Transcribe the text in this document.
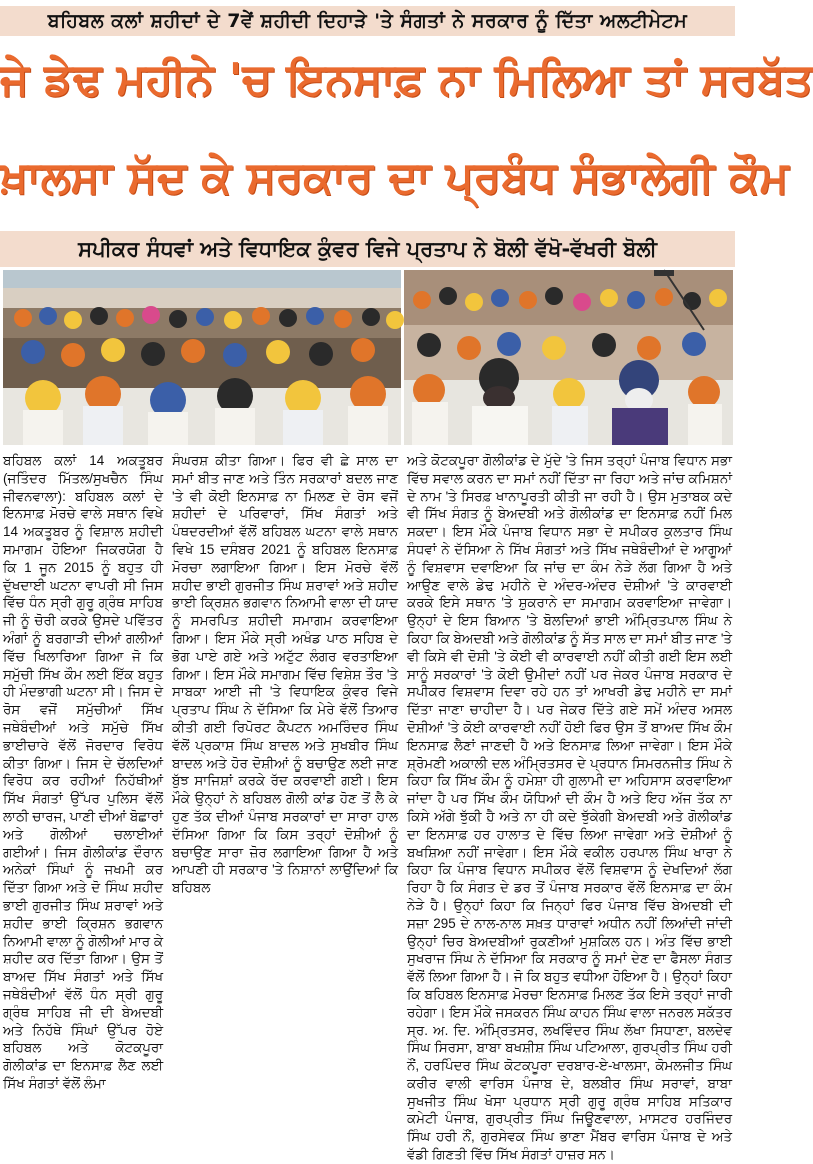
ਬਹਿਬਲ ਕਲਾਂ ਸ਼ਹੀਦਾਂ ਦੇ 7ਵੇਂ ਸ਼ਹੀਦੀ ਦਿਹਾੜੇ 'ਤੇ ਸੰਗਤਾਂ ਨੇ ਸਰਕਾਰ ਨੂੰ ਦਿੱਤਾ ਅਲਟੀਮੇਟਮ
ਜੇ ਡੇਢ ਮਹੀਨੇ 'ਚ ਇਨਸਾਫ਼ ਨਾ ਮਿਲਿਆ ਤਾਂ ਸਰਬੱਤ
ਖ਼ਾਲਸਾ ਸੱਦ ਕੇ ਸਰਕਾਰ ਦਾ ਪ੍ਰਬੰਧ ਸੰਭਾਲੇਗੀ ਕੌਮ
ਸਪੀਕਰ ਸੰਧਵਾਂ ਅਤੇ ਵਿਧਾਇਕ ਕੁੰਵਰ ਵਿਜੇ ਪ੍ਰਤਾਪ ਨੇ ਬੋਲੀ ਵੱਖੋ-ਵੱਖਰੀ ਬੋਲੀ

ਬਹਿਬਲ ਕਲਾਂ 14 ਅਕਤੂਬਰ (ਜਤਿੰਦਰ ਮਿੱਤਲ/ਸੁਖਚੈਨ ਸਿੰਘ ਜੀਵਨਵਾਲਾ): ਬਹਿਬਲ ਕਲਾਂ ਦੇ ਇਨਸਾਫ਼ ਮੋਰਚੇ ਵਾਲੇ ਸਥਾਨ ਵਿਖੇ 14 ਅਕਤੂਬਰ ਨੂੰ ਵਿਸ਼ਾਲ ਸ਼ਹੀਦੀ ਸਮਾਗਮ ਹੋਇਆ ਜਿਕਰਯੋਗ ਹੈ ਕਿ 1 ਜੂਨ 2015 ਨੂੰ ਬਹੁਤ ਹੀ ਦੁੱਖਦਾਈ ਘਟਨਾ ਵਾਪਰੀ ਸੀ ਜਿਸ ਵਿੱਚ ਧੰਨ ਸ੍ਰੀ ਗੁਰੂ ਗ੍ਰੰਥ ਸਾਹਿਬ ਜੀ ਨੂੰ ਚੋਰੀ ਕਰਕੇ ਉਸਦੇ ਪਵਿੱਤਰ ਅੰਗਾਂ ਨੂੰ ਬਰਗਾੜੀ ਦੀਆਂ ਗਲੀਆਂ ਵਿੱਚ ਖਿਲਾਰਿਆ ਗਿਆ ਜੋ ਕਿ ਸਮੁੱਚੀ ਸਿੱਖ ਕੌਮ ਲਈ ਇੱਕ ਬਹੁਤ ਹੀ ਮੰਦਭਾਗੀ ਘਟਨਾ ਸੀ। ਜਿਸ ਦੇ ਰੋਸ ਵਜੋਂ ਸਮੁੱਚੀਆਂ ਸਿੱਖ ਜਥੇਬੰਦੀਆਂ ਅਤੇ ਸਮੁੱਚੇ ਸਿੱਖ ਭਾਈਚਾਰੇ ਵੱਲੋਂ ਜੋਰਦਾਰ ਵਿਰੋਧ ਕੀਤਾ ਗਿਆ। ਜਿਸ ਦੇ ਚੱਲਦਿਆਂ ਵਿਰੋਧ ਕਰ ਰਹੀਆਂ ਨਿਹੱਥੀਆਂ ਸਿੱਖ ਸੰਗਤਾਂ ਉੱਪਰ ਪੁਲਿਸ ਵੱਲੋਂ ਲਾਠੀ ਚਾਰਜ, ਪਾਣੀ ਦੀਆਂ ਬੋਛਾਰਾਂ ਅਤੇ ਗੋਲੀਆਂ ਚਲਾਈਆਂ ਗਈਆਂ। ਜਿਸ ਗੋਲੀਕਾਂਡ ਦੌਰਾਨ ਅਨੇਕਾਂ ਸਿੰਘਾਂ ਨੂੰ ਜਖਮੀ ਕਰ ਦਿੱਤਾ ਗਿਆ ਅਤੇ ਦੋ ਸਿੰਘ ਸ਼ਹੀਦ ਭਾਈ ਗੁਰਜੀਤ ਸਿੰਘ ਸ਼ਰਾਵਾਂ ਅਤੇ ਸ਼ਹੀਦ ਭਾਈ ਕ੍ਰਿਸ਼ਨ ਭਗਵਾਨ ਨਿਆਮੀ ਵਾਲਾ ਨੂੰ ਗੋਲੀਆਂ ਮਾਰ ਕੇ ਸ਼ਹੀਦ ਕਰ ਦਿੱਤਾ ਗਿਆ। ਉਸ ਤੋਂ ਬਾਅਦ ਸਿੱਖ ਸੰਗਤਾਂ ਅਤੇ ਸਿੱਖ ਜਥੇਬੰਦੀਆਂ ਵੱਲੋਂ ਧੰਨ ਸ੍ਰੀ ਗੁਰੂ ਗ੍ਰੰਥ ਸਾਹਿਬ ਜੀ ਦੀ ਬੇਅਦਬੀ ਅਤੇ ਨਿਹੱਥੇ ਸਿੰਘਾਂ ਉੱਪਰ ਹੋਏ ਬਹਿਬਲ ਅਤੇ ਕੋਟਕਪੂਰਾ ਗੋਲੀਕਾਂਡ ਦਾ ਇਨਸਾਫ਼ ਲੈਣ ਲਈ ਸਿੱਖ ਸੰਗਤਾਂ ਵੱਲੋਂ ਲੰਮਾ

ਸੰਘਰਸ਼ ਕੀਤਾ ਗਿਆ। ਫਿਰ ਵੀ ਛੇ ਸਾਲ ਦਾ ਸਮਾਂ ਬੀਤ ਜਾਣ ਅਤੇ ਤਿੰਨ ਸਰਕਾਰਾਂ ਬਦਲ ਜਾਣ 'ਤੇ ਵੀ ਕੋਈ ਇਨਸਾਫ਼ ਨਾ ਮਿਲਣ ਦੇ ਰੋਸ ਵਜੋਂ ਸ਼ਹੀਦਾਂ ਦੇ ਪਰਿਵਾਰਾਂ, ਸਿੱਖ ਸੰਗਤਾਂ ਅਤੇ ਪੰਥਦਰਦੀਆਂ ਵੱਲੋਂ ਬਹਿਬਲ ਘਟਨਾ ਵਾਲੇ ਸਥਾਨ ਵਿਖੇ 15 ਦਸੰਬਰ 2021 ਨੂੰ ਬਹਿਬਲ ਇਨਸਾਫ਼ ਮੋਰਚਾ ਲਗਾਇਆ ਗਿਆ। ਇਸ ਮੋਰਚੇ ਵੱਲੋਂ ਸ਼ਹੀਦ ਭਾਈ ਗੁਰਜੀਤ ਸਿੰਘ ਸ਼ਰਾਵਾਂ ਅਤੇ ਸ਼ਹੀਦ ਭਾਈ ਕ੍ਰਿਸ਼ਨ ਭਗਵਾਨ ਨਿਆਮੀ ਵਾਲਾ ਦੀ ਯਾਦ ਨੂੰ ਸਮਰਪਿਤ ਸ਼ਹੀਦੀ ਸਮਾਗਮ ਕਰਵਾਇਆ ਗਿਆ। ਇਸ ਮੌਕੇ ਸ੍ਰੀ ਅਖੰਡ ਪਾਠ ਸਹਿਬ ਦੇ ਭੋਗ ਪਾਏ ਗਏ ਅਤੇ ਅਟੁੱਟ ਲੰਗਰ ਵਰਤਾਇਆ ਗਿਆ। ਇਸ ਮੌਕੇ ਸਮਾਗਮ ਵਿੱਚ ਵਿਸ਼ੇਸ਼ ਤੌਰ 'ਤੇ ਸਾਬਕਾ ਆਈ ਜੀ 'ਤੇ ਵਿਧਾਇਕ ਕੁੰਵਰ ਵਿਜੇ ਪ੍ਰਤਾਪ ਸਿੰਘ ਨੇ ਦੱਸਿਆ ਕਿ ਮੇਰੇ ਵੱਲੋਂ ਤਿਆਰ ਕੀਤੀ ਗਈ ਰਿਪੋਰਟ ਕੈਪਟਨ ਅਮਰਿੰਦਰ ਸਿੰਘ ਵੱਲੋਂ ਪ੍ਰਕਾਸ਼ ਸਿੰਘ ਬਾਦਲ ਅਤੇ ਸੁਖਬੀਰ ਸਿੰਘ ਬਾਦਲ ਅਤੇ ਹੋਰ ਦੋਸ਼ੀਆਂ ਨੂੰ ਬਚਾਉਣ ਲਈ ਜਾਣ ਬੁੱਝ ਸਾਜਿਸ਼ਾਂ ਕਰਕੇ ਰੱਦ ਕਰਵਾਈ ਗਈ। ਇਸ ਮੌਕੇ ਉਨ੍ਹਾਂ ਨੇ ਬਹਿਬਲ ਗੋਲੀ ਕਾਂਡ ਹੋਣ ਤੋਂ ਲੈ ਕੇ ਹੁਣ ਤੱਕ ਦੀਆਂ ਪੰਜਾਬ ਸਰਕਾਰਾਂ ਦਾ ਸਾਰਾ ਹਾਲ ਦੱਸਿਆ ਗਿਆ ਕਿ ਕਿਸ ਤਰ੍ਹਾਂ ਦੋਸ਼ੀਆਂ ਨੂੰ ਬਚਾਉਣ ਸਾਰਾ ਜ਼ੋਰ ਲਗਾਇਆ ਗਿਆ ਹੈ ਅਤੇ ਆਪਣੀ ਹੀ ਸਰਕਾਰ 'ਤੇ ਨਿਸ਼ਾਨਾਂ ਲਾਉਂਦਿਆਂ ਕਿ ਬਹਿਬਲ

ਅਤੇ ਕੋਟਕਪੂਰਾ ਗੋਲੀਕਾਂਡ ਦੇ ਮੁੱਦੇ 'ਤੇ ਜਿਸ ਤਰ੍ਹਾਂ ਪੰਜਾਬ ਵਿਧਾਨ ਸਭਾ ਵਿੱਚ ਸਵਾਲ ਕਰਨ ਦਾ ਸਮਾਂ ਨਹੀਂ ਦਿੱਤਾ ਜਾ ਰਿਹਾ ਅਤੇ ਜਾਂਚ ਕਮਿਸ਼ਨਾਂ ਦੇ ਨਾਮ 'ਤੇ ਸਿਰਫ਼ ਖਾਨਾਪੂਰਤੀ ਕੀਤੀ ਜਾ ਰਹੀ ਹੈ। ਉਸ ਮੁਤਾਬਕ ਕਦੇ ਵੀ ਸਿੱਖ ਸੰਗਤ ਨੂੰ ਬੇਅਦਬੀ ਅਤੇ ਗੋਲੀਕਾਂਡ ਦਾ ਇਨਸਾਫ਼ ਨਹੀਂ ਮਿਲ ਸਕਦਾ। ਇਸ ਮੌਕੇ ਪੰਜਾਬ ਵਿਧਾਨ ਸਭਾ ਦੇ ਸਪੀਕਰ ਕੁਲਤਾਰ ਸਿੰਘ ਸੰਧਵਾਂ ਨੇ ਦੱਸਿਆ ਨੇ ਸਿੱਖ ਸੰਗਤਾਂ ਅਤੇ ਸਿੱਖ ਜਥੇਬੰਦੀਆਂ ਦੇ ਆਗੂਆਂ ਨੂੰ ਵਿਸ਼ਵਾਸ ਦਵਾਇਆ ਕਿ ਜਾਂਚ ਦਾ ਕੰਮ ਨੇੜੇ ਲੱਗ ਗਿਆ ਹੈ ਅਤੇ ਆਉਣ ਵਾਲੇ ਡੇਢ ਮਹੀਨੇ ਦੇ ਅੰਦਰ-ਅੰਦਰ ਦੋਸ਼ੀਆਂ 'ਤੇ ਕਾਰਵਾਈ ਕਰਕੇ ਇਸੇ ਸਥਾਨ 'ਤੇ ਸ਼ੁਕਰਾਨੇ ਦਾ ਸਮਾਗਮ ਕਰਵਾਇਆ ਜਾਵੇਗਾ। ਉਨ੍ਹਾਂ ਦੇ ਇਸ ਬਿਆਨ 'ਤੇ ਬੋਲਦਿਆਂ ਭਾਈ ਅੰਮ੍ਰਿਤਪਾਲ ਸਿੰਘ ਨੇ ਕਿਹਾ ਕਿ ਬੇਅਦਬੀ ਅਤੇ ਗੋਲੀਕਾਂਡ ਨੂੰ ਸੱਤ ਸਾਲ ਦਾ ਸਮਾਂ ਬੀਤ ਜਾਣ 'ਤੇ ਵੀ ਕਿਸੇ ਵੀ ਦੋਸ਼ੀ 'ਤੇ ਕੋਈ ਵੀ ਕਾਰਵਾਈ ਨਹੀਂ ਕੀਤੀ ਗਈ ਇਸ ਲਈ ਸਾਨੂੰ ਸਰਕਾਰਾਂ 'ਤੇ ਕੋਈ ਉਮੀਦਾਂ ਨਹੀਂ ਪਰ ਜੇਕਰ ਪੰਜਾਬ ਸਰਕਾਰ ਦੇ ਸਪੀਕਰ ਵਿਸ਼ਵਾਸ ਦਿਵਾ ਰਹੇ ਹਨ ਤਾਂ ਆਖਰੀ ਡੇਢ ਮਹੀਨੇ ਦਾ ਸਮਾਂ ਦਿੱਤਾ ਜਾਣਾ ਚਾਹੀਦਾ ਹੈ। ਪਰ ਜੇਕਰ ਦਿੱਤੇ ਗਏ ਸਮੇਂ ਅੰਦਰ ਅਸਲ ਦੋਸ਼ੀਆਂ 'ਤੇ ਕੋਈ ਕਾਰਵਾਈ ਨਹੀਂ ਹੋਈ ਫਿਰ ਉਸ ਤੋਂ ਬਾਅਦ ਸਿੱਖ ਕੌਮ ਇਨਸਾਫ਼ ਲੈਣਾਂ ਜਾਣਦੀ ਹੈ ਅਤੇ ਇਨਸਾਫ਼ ਲਿਆ ਜਾਵੇਗਾ। ਇਸ ਮੌਕੇ ਸ਼੍ਰੋਮਣੀ ਅਕਾਲੀ ਦਲ ਅੰਮ੍ਰਿਤਸਰ ਦੇ ਪ੍ਰਧਾਨ ਸਿਮਰਨਜੀਤ ਸਿੰਘ ਨੇ ਕਿਹਾ ਕਿ ਸਿੱਖ ਕੌਮ ਨੂੰ ਹਮੇਸ਼ਾ ਹੀ ਗੁਲਾਮੀ ਦਾ ਅਹਿਸਾਸ ਕਰਵਾਇਆ ਜਾਂਦਾ ਹੈ ਪਰ ਸਿੱਖ ਕੌਮ ਯੋਧਿਆਂ ਦੀ ਕੌਮ ਹੈ ਅਤੇ ਇਹ ਅੱਜ ਤੱਕ ਨਾ ਕਿਸੇ ਅੱਗੇ ਝੁੱਕੀ ਹੈ ਅਤੇ ਨਾ ਹੀ ਕਦੇ ਝੁੱਕੇਗੀ ਬੇਅਦਬੀ ਅਤੇ ਗੋਲੀਕਾਂਡ ਦਾ ਇਨਸਾਫ਼ ਹਰ ਹਾਲਾਤ ਦੇ ਵਿੱਚ ਲਿਆ ਜਾਵੇਗਾ ਅਤੇ ਦੋਸ਼ੀਆਂ ਨੂੰ ਬਖਸ਼ਿਆ ਨਹੀਂ ਜਾਵੇਗਾ। ਇਸ ਮੌਕੇ ਵਕੀਲ ਹਰਪਾਲ ਸਿੰਘ ਖਾਰਾ ਨੇ ਕਿਹਾ ਕਿ ਪੰਜਾਬ ਵਿਧਾਨ ਸਪੀਕਰ ਵੱਲੋਂ ਵਿਸ਼ਵਾਸ ਨੂੰ ਦੇਖਦਿਆਂ ਲੱਗ ਰਿਹਾ ਹੈ ਕਿ ਸੰਗਤ ਦੇ ਡਰ ਤੋਂ ਪੰਜਾਬ ਸਰਕਾਰ ਵੱਲੋਂ ਇਨਸਾਫ਼ ਦਾ ਕੰਮ ਨੇੜੇ ਹੈ। ਉਨ੍ਹਾਂ ਕਿਹਾ ਕਿ ਜਿਨ੍ਹਾਂ ਫਿਰ ਪੰਜਾਬ ਵਿੱਚ ਬੇਅਦਬੀ ਦੀ ਸਜ਼ਾ 295 ਦੇ ਨਾਲ-ਨਾਲ ਸਖ਼ਤ ਧਾਰਾਵਾਂ ਅਧੀਨ ਨਹੀਂ ਲਿਆਂਦੀ ਜਾਂਦੀ ਉਨ੍ਹਾਂ ਚਿਰ ਬੇਅਦਬੀਆਂ ਰੁਕਣੀਆਂ ਮੁਸ਼ਕਿਲ ਹਨ। ਅੰਤ ਵਿੱਚ ਭਾਈ ਸੁਖਰਾਜ ਸਿੰਘ ਨੇ ਦੱਸਿਆ ਕਿ ਸਰਕਾਰ ਨੂੰ ਸਮਾਂ ਦੇਣ ਦਾ ਫੈਸਲਾ ਸੰਗਤ ਵੱਲੋਂ ਲਿਆ ਗਿਆ ਹੈ। ਜੋ ਕਿ ਬਹੁਤ ਵਧੀਆ ਹੋਇਆ ਹੈ। ਉਨ੍ਹਾਂ ਕਿਹਾ ਕਿ ਬਹਿਬਲ ਇਨਸਾਫ਼ ਮੋਰਚਾ ਇਨਸਾਫ਼ ਮਿਲਣ ਤੱਕ ਇਸੇ ਤਰ੍ਹਾਂ ਜਾਰੀ ਰਹੇਗਾ। ਇਸ ਮੌਕੇ ਜਸਕਰਨ ਸਿੰਘ ਕਾਹਨ ਸਿੰਘ ਵਾਲਾ ਜਨਰਲ ਸਕੱਤਰ ਸ੍ਰ. ਅ. ਦਿ. ਅੰਮ੍ਰਿਤਸਰ, ਲਖਵਿੰਦਰ ਸਿੰਘ ਲੱਖਾ ਸਿਧਾਣਾ, ਬਲਦੇਵ ਸਿੰਘ ਸਿਰਸਾ, ਬਾਬਾ ਬਖਸ਼ੀਸ਼ ਸਿੰਘ ਪਟਿਆਲਾ, ਗੁਰਪ੍ਰੀਤ ਸਿੰਘ ਹਰੀ ਨੌਂ, ਹਰਪਿੰਦਰ ਸਿੰਘ ਕੋਟਕਪੂਰਾ ਦਰਬਾਰ-ਏ-ਖਾਲਸਾ, ਕੋਮਲਜੀਤ ਸਿੰਘ ਕਰੀਰ ਵਾਲੀ ਵਾਰਿਸ ਪੰਜਾਬ ਦੇ, ਬਲਬੀਰ ਸਿੰਘ ਸਰਾਵਾਂ, ਬਾਬਾ ਸੁਖਜੀਤ ਸਿੰਘ ਖੋਸਾ ਪ੍ਰਧਾਨ ਸ੍ਰੀ ਗੁਰੂ ਗ੍ਰੰਥ ਸਾਹਿਬ ਸਤਿਕਾਰ ਕਮੇਟੀ ਪੰਜਾਬ, ਗੁਰਪ੍ਰੀਤ ਸਿੰਘ ਜਿਊਣਵਾਲਾ, ਮਾਸਟਰ ਹਰਜਿੰਦਰ ਸਿੰਘ ਹਰੀ ਨੌਂ, ਗੁਰਸੇਵਕ ਸਿੰਘ ਭਾਣਾ ਮੈਂਬਰ ਵਾਰਿਸ ਪੰਜਾਬ ਦੇ ਅਤੇ ਵੱਡੀ ਗਿਣਤੀ ਵਿੱਚ ਸਿੱਖ ਸੰਗਤਾਂ ਹਾਜ਼ਰ ਸਨ।
